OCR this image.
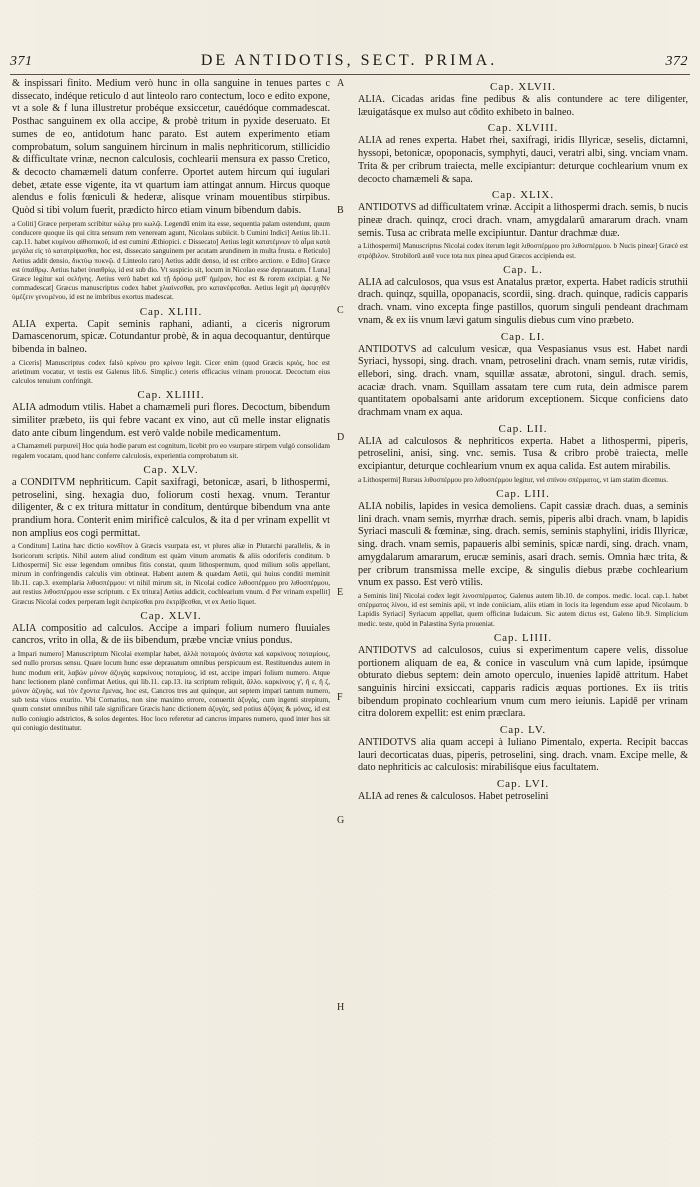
371	DE ANTIDOTIS, SECT. PRIMA.	372
A
B
C
D
E
F
G
H

& inspissari finito. Medium verò hunc in olla sanguine in tenues partes c dissecato, indéque reticulo d aut linteolo raro contectum, loco e edito expone, vt a sole & f luna illustretur probéque exsiccetur, cauédóque commadescat. Posthac sanguinem ex olla accipe, & probè tritum in pyxide deseruato. Et sumes de eo, antidotum hanc parato. Est autem experimento etiam comprobatum, solum sanguinem hircinum in malis nephriticorum, stillicidio & difficultate vrinæ, necnon calculosis, cochlearii mensura ex passo Cretico, & decocto chamæmeli datum conferre. Oportet autem hircum qui iugulari debet, ætate esse vigente, ita vt quartum iam attingat annum. Hircus quoque alendus e folis fœniculi & hederæ, alisque vrinam mouentibus stirpibus. Quòd si tibi volum fuerit, prædicto hirco etiam vinum bibendum dabis.

a Coliti] Græce perperam scribitur κώλῳ pro κωλῷ. Legendū enim ita esse, sequentia palam ostendunt, quum conducere quoque iis qui citra sensum rem veneream agunt, Nicolaus subiicit. b Cumini Indici] Aetius lib.11. cap.11. habet κυμίνου αἰθιοπικοῦ, id est cumini Æthiopici. c Dissecato] Aetius legit κατατέμνων τὸ αἷμα κατὰ μεγάλα εἰς τὸ κατατρίψασθαι, hoc est, dissecato sanguinem per acutam arundinem in multa frusta. e Reticulo] Aetius addit densio, δικτύῳ πυκνῷ. d Linteolo raro] Aetius addit denso, id est cribro arctiore. e Edito] Græce est ὑπαίθρῳ. Aetius habet ὑπαιθρίῳ, id est sub dio. Vt suspicio sit, locum in Nicolao esse deprauatum. f Luna] Græce legitur καὶ σελήνης. Aetius verò habet καὶ τῇ δρόσῳ μεθ' ἡμέραν, hoc est & rorem excipiat. g Ne commadescat] Græcus manuscriptus codex habet χλιαίνεσθαι, pro κατανέφεσθαι. Aetius legit μὴ ἀφεψηθὲν ὑμέζειν γενομένου, id est ne imbribus exortus madescat.

Cap. XLIII.

ALIA experta. Capit seminis raphani, adianti, a ciceris nigrorum Damascenorum, spicæ. Cotundantur probè, & in aqua decoquantur, dentúrque bibenda in balneo.

a Ciceris] Manuscriptus codex falsò κρίνου pro κρίνου legit. Cicer enim (quod Græcis κριὸς, hoc est arietinum vocatur, vt testis est Galenus lib.6. Simplic.) ceteris efficacius vrinam prouocat. Decoctum eius calculos tenuium confringit.

Cap. XLIIII.

ALIA admodum vtilis. Habet a chamæmeli puri flores. Decoctum, bibendum similiter præbeto, iis qui febre vacant ex vino, aut cū melle instar elignatis dato ante cibum lingendum. est verò valde nobile medicamentum.

a Chamæmeli purpurei] Hoc quia hodie parum est cognitum, licebit pro eo vsurpare stirpem vulgò consolidam regalem vocatam, quod hanc conferre calculosis, experientia comprobatum sit.

Cap. XLV.

a CONDITVM nephriticum. Capit saxifragi, betonicæ, asari, b lithospermi, petroselini, sing. hexagia duo, foliorum costi hexag. vnum. Terantur diligenter, & c ex tritura mittatur in conditum, dentúrque bibendum vna ante prandium hora. Conterit enim mirificè calculos, & ita d per vrinam expellit vt non amplius eos cogi permittat.

a Conditum] Latina hæc dictio κονδῖτον à Græcis vsurpata est, vt plures aliæ in Plutarchi parallelis, & in Isoricorum scriptis. Nihil autem aliud conditum est quàm vinum aromatis & aliis odoriferis conditum. b Lithospermi] Sic esse legendum omnibus fitis constat, quum lithospermum, quod milium solis appellant, mirum in confringendis calculis vim obtineat. Habent autem & quædam Aetii, qui huius conditi meminit lib.11. cap.3. exemplaria λιθοσπέρμου: vt nihil mirum sit, in Nicolai codice λιθοσπέρμου pro λιθοσπέρμου, aut restius λιθοσπέρμου esse scriptum. c Ex tritura] Aetius addicit, cochlearium vnum. d Per vrinam expellit] Græcus Nicolai codex perperam legit ἐκπρίεσθαι pro ἐκτρίβεσθαι, vt ex Aetio liquet.

Cap. XLVI.

ALIA compositio ad calculos. Accipe a impari folium numero fluuiales cancros, vrito in olla, & de iis bibendum, præbe vnciæ vnius pondus.

a Impari numero] Manuscriptum Nicolai exemplar habet, ἀλλὰ ποταμοὺς ἀνάστα καὶ καρκίνους ποταμίους, sed nullo prorsus sensu. Quare locum hunc esse deprauatum omnibus perspicuum est. Restituendus autem in hunc modum erit, λαβὼν μόνον ἀζυγὰς καρκίνους ποταμίους, id est, accipe impari folium numero. Atque hanc lectionem planè confirmat Aetius, qui lib.11. cap.13. ita scriptum reliquit, ἄλλο. καρκίνους γ', ἢ ε, ἢ ζ, μόνον ἀζυγὰς, καὶ τὸν ἔχοντα ἔμενας, hoc est, Cancros tres aut quinque, aut septem impari tantum numero, sub testa viuos exurito. Vbi Cornarius, non sine maximo errore, conuertit ἀζυγὰς, cum ingenti strepitum, quum constet omnibus nihil tale significare Græcis hanc dictionem ἀζυγὰς, sed potius ἀζύγας & μόνας, id est nullo coniugio adstrictos, & solos degentes. Hoc loco referetur ad cancros impares numero, quod inter hos sit qui coniugio destituatur.

Cap. XLVII.

ALIA. Cicadas aridas fine pedibus & alis contundere ac tere diligenter, læuigatásque ex mulso aut cōdito exhibeto in balneo.

Cap. XLVIII.

ALIA ad renes experta. Habet rhei, saxifragi, iridis Illyricæ, seselis, dictamni, hyssopi, betonicæ, opoponacis, symphyti, dauci, veratri albi, sing. vnciam vnam. Trita & per cribrum traiecta, melle excipiantur: deturque cochlearium vnum ex decocto chamæmeli & sapa.

Cap. XLIX.

ANTIDOTVS ad difficultatem vrinæ. Accipit a lithospermi drach. semis, b nucis pineæ drach. quinqz, croci drach. vnam, amygdalarū amararum drach. vnam semis. Tusa ac cribrata melle excipiuntur. Dantur drachmæ duæ.

a Lithospermi] Manuscriptus Nicolai codex iterum legit λιθοσπέρμου pro λιθοσπέρμου. b Nucis pineæ] Græcè est στρόβιλον. Strobilorū autē voce tota nux pinea apud Græcos accipienda est.

Cap. L.

ALIA ad calculosos, qua vsus est Anatalus prætor, experta. Habet radicis struthii drach. quinqz, squilla, opopanacis, scordii, sing. drach. quinque, radicis capparis drach. vnam. vino excepta finge pastillos, quorum singuli pendeant drachmam vnam, & ex iis vnum lævi gatum singulis diebus cum vino præbeto.

Cap. LI.

ANTIDOTVS ad calculum vesicæ, qua Vespasianus vsus est. Habet nardi Syriaci, hyssopi, sing. drach. vnam, petroselini drach. vnam semis, rutæ viridis, ellebori, sing. drach. vnam, squillæ assatæ, abrotoni, singul. drach. semis, acaciæ drach. vnam. Squillam assatam tere cum ruta, dein admisce parem quantitatem opobalsami ante aridorum exceptionem. Sicque conficiens dato drachmam vnam ex aqua.

Cap. LII.

ALIA ad calculosos & nephriticos experta. Habet a lithospermi, piperis, petroselini, anisi, sing. vnc. semis. Tusa & cribro probè traiecta, melle excipiantur, deturque cochlearium vnum ex aqua calida. Est autem mirabilis.

a Lithospermi] Rursus λιθοσπέρμου pro λιθοσπέρμου legitur, vel σπίνου σπέρματος, vt iam statim dicemus.

Cap. LIII.

ALIA nobilis, lapides in vesica demoliens. Capit cassiæ drach. duas, a seminis lini drach. vnam semis, myrrhæ drach. semis, piperis albi drach. vnam, b lapidis Syriaci masculi & fœminæ, sing. drach. semis, seminis staphylini, iridis Illyricæ, sing. drach. vnam semis, papaueris albi seminis, spicæ nardi, sing. drach. vnam, amygdalarum amararum, erucæ seminis, asari drach. semis. Omnia hæc trita, & per cribrum transmissa melle excipe, & singulis diebus præbe cochlearium vnum ex passo. Est verò vtilis.

a Seminis lini] Nicolai codex legit λινοσπέρματος. Galenus autem lib.10. de compos. medic. local. cap.1. habet σπέρματος λίνου, id est seminis apii, vt inde coniiciam, aliis etiam in locis ita legendum esse apud Nicolaum. b Lapidis Syriaci] Syriacum appellat, quem officinæ Iudaicum. Sic autem dictus est, Galeno lib.9. Simplicium medic. teste, quòd in Palæstina Syria proueniat.

Cap. LIIII.

ANTIDOTVS ad calculosos, cuius si experimentum capere velis, dissolue portionem aliquam de ea, & conice in vasculum vnà cum lapide, ipsúmque obturato diebus septem: dein amoto operculo, inuenies lapidē attritum. Habet sanguinis hircini exsiccati, capparis radicis æquas portiones. Ex iis tritis bibendum propinato cochlearium vnum cum mero ieiunis. Lapidē per vrinam citra dolorem expellit: est enim præclara.

Cap. LV.

ANTIDOTVS alia quam accepi à Iuliano Pimentalo, experta. Recipit baccas lauri decorticatas duas, piperis, petroselini, sing. drach. vnam. Excipe melle, & dato nephriticis ac calculosis: mirabiliśque eius facultatem.

Cap. LVI.

ALIA ad renes & calculosos. Habet petroselini
